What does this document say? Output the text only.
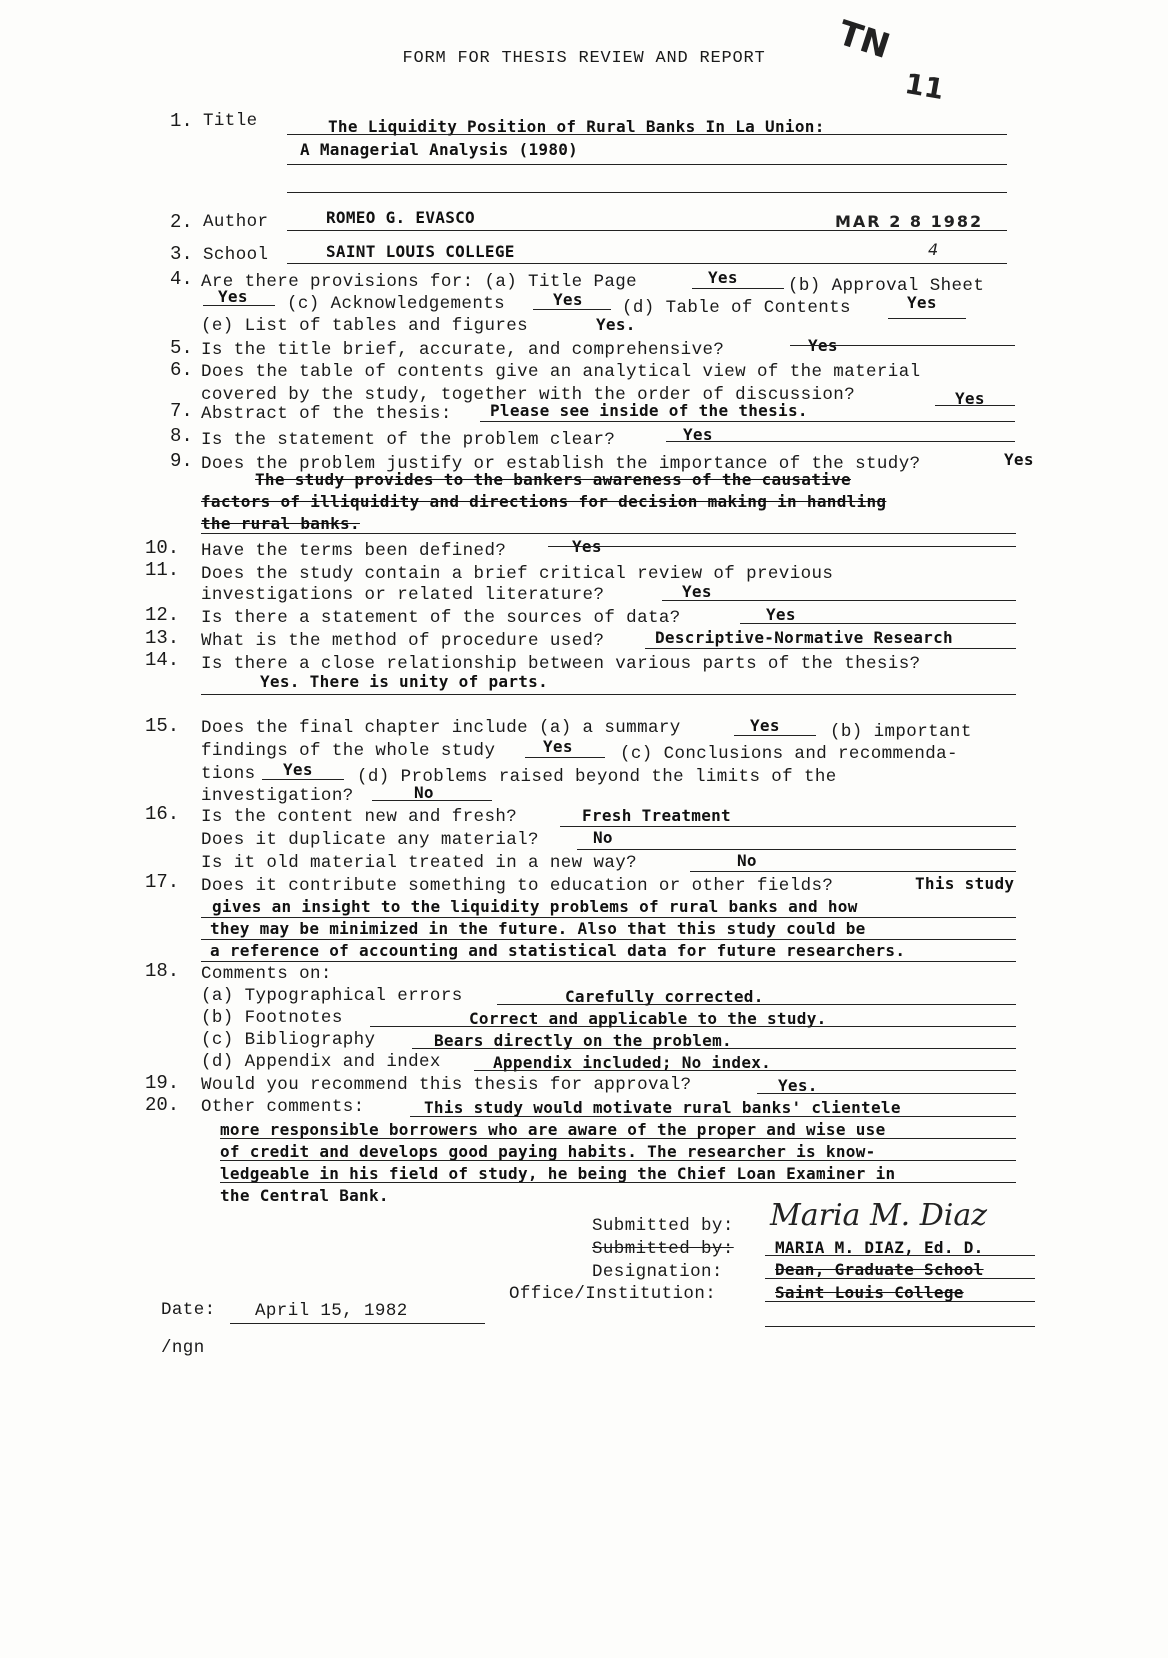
FORM FOR THESIS REVIEW AND REPORT	TN
11
MAR 2 8 1982
4
1. Title	The Liquidity Position of Rural Banks In La Union:
A Managerial Analysis (1980)
2. Author	ROMEO G. EVASCO
3. School	SAINT LOUIS COLLEGE
4. Are there provisions for: (a) Title Page	Yes	(b) Approval Sheet
Yes (c) Acknowledgements	Yes (d) Table of Contents	Yes
(e) List of tables and figures	Yes.
5. Is the title brief, accurate, and comprehensive?	Yes
6. Does the table of contents give an analytical view of the material
covered by the study, together with the order of discussion?	Yes
7. Abstract of the thesis: Please see inside of the thesis.
8. Is the statement of the problem clear?	Yes
9. Does the problem justify or establish the importance of the study?	Yes
The study provides to the bankers awareness of the causative
factors of illiquidity and directions for decision making in handling
the rural banks.
10. Have the terms been defined?	Yes
11. Does the study contain a brief critical review of previous
investigations or related literature?	Yes
12. Is there a statement of the sources of data?	Yes
13. What is the method of procedure used?	Descriptive-Normative Research
14. Is there a close relationship between various parts of the thesis?
Yes. There is unity of parts.
15. Does the final chapter include (a) a summary	Yes	(b) important
findings of the whole study	Yes	(c) Conclusions and recommenda-
tions Yes	(d) Problems raised beyond the limits of the
investigation?	No
16. Is the content new and fresh?	Fresh Treatment
Does it duplicate any material?	No
Is it old material treated in a new way?	No
17. Does it contribute something to education or other fields?	This study
gives an insight to the liquidity problems of rural banks and how
they may be minimized in the future. Also that this study could be
a reference of accounting and statistical data for future researchers.
18. Comments on:
(a) Typographical errors	Carefully corrected.
(b) Footnotes	Correct and applicable to the study.
(c) Bibliography	Bears directly on the problem.
(d) Appendix and index	Appendix included; No index.
19. Would you recommend this thesis for approval?	Yes.
20. Other comments:	This study would motivate rural banks' clientele
more responsible borrowers who are aware of the proper and wise use
of credit and develops good paying habits. The researcher is know-
ledgeable in his field of study, he being the Chief Loan Examiner in
the Central Bank.
Submitted by: Maria M. Diaz
Submitted by:	MARIA M. DIAZ, Ed. D.
Designation:	Dean, Graduate School
Office/Institution:	Saint Louis College
Date: April 15, 1982
/ngn
